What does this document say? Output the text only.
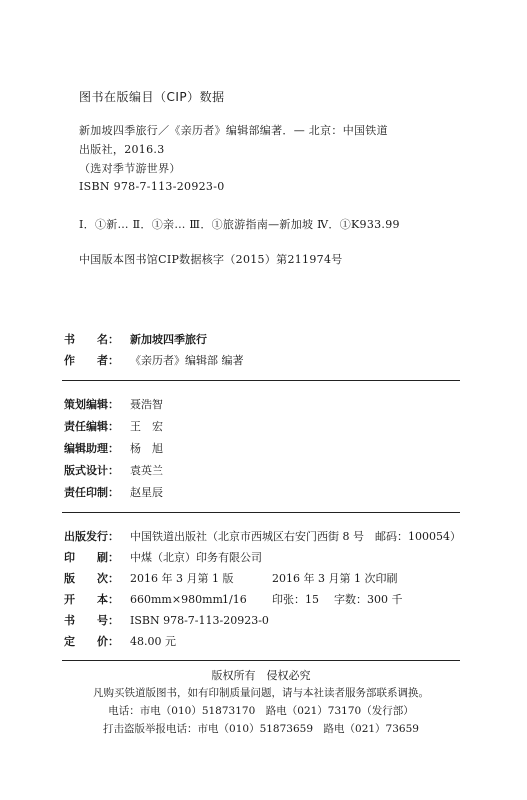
图书在版编目（CIP）数据
新加坡四季旅行／《亲历者》编辑部编著．— 北京：中国铁道
出版社，2016.3
（选对季节游世界）
ISBN 978-7-113-20923-0
Ⅰ．①新… Ⅱ．①亲… Ⅲ．①旅游指南—新加坡 Ⅳ．①K933.99
中国版本图书馆CIP数据核字（2015）第211974号
书　　名：	新加坡四季旅行
作　　者：	《亲历者》编辑部 编著
策划编辑：	聂浩智
责任编辑：	王　宏
编辑助理：	杨　旭
版式设计：	袁英兰
责任印制：	赵星辰
出版发行：	中国铁道出版社（北京市西城区右安门西街 8 号　邮码：100054）
印　　刷：	中煤（北京）印务有限公司
版　　次：	2016 年 3 月第 1 版	2016 年 3 月第 1 次印刷
开　　本：	660mm×980mm 1/16	印张：15	字数：300 千
书　　号：	ISBN 978-7-113-20923-0
定　　价：	48.00 元
版权所有　侵权必究
凡购买铁道版图书，如有印制质量问题，请与本社读者服务部联系调换。
电话：市电（010）51873170　路电（021）73170（发行部）
打击盗版举报电话：市电（010）51873659　路电（021）73659
